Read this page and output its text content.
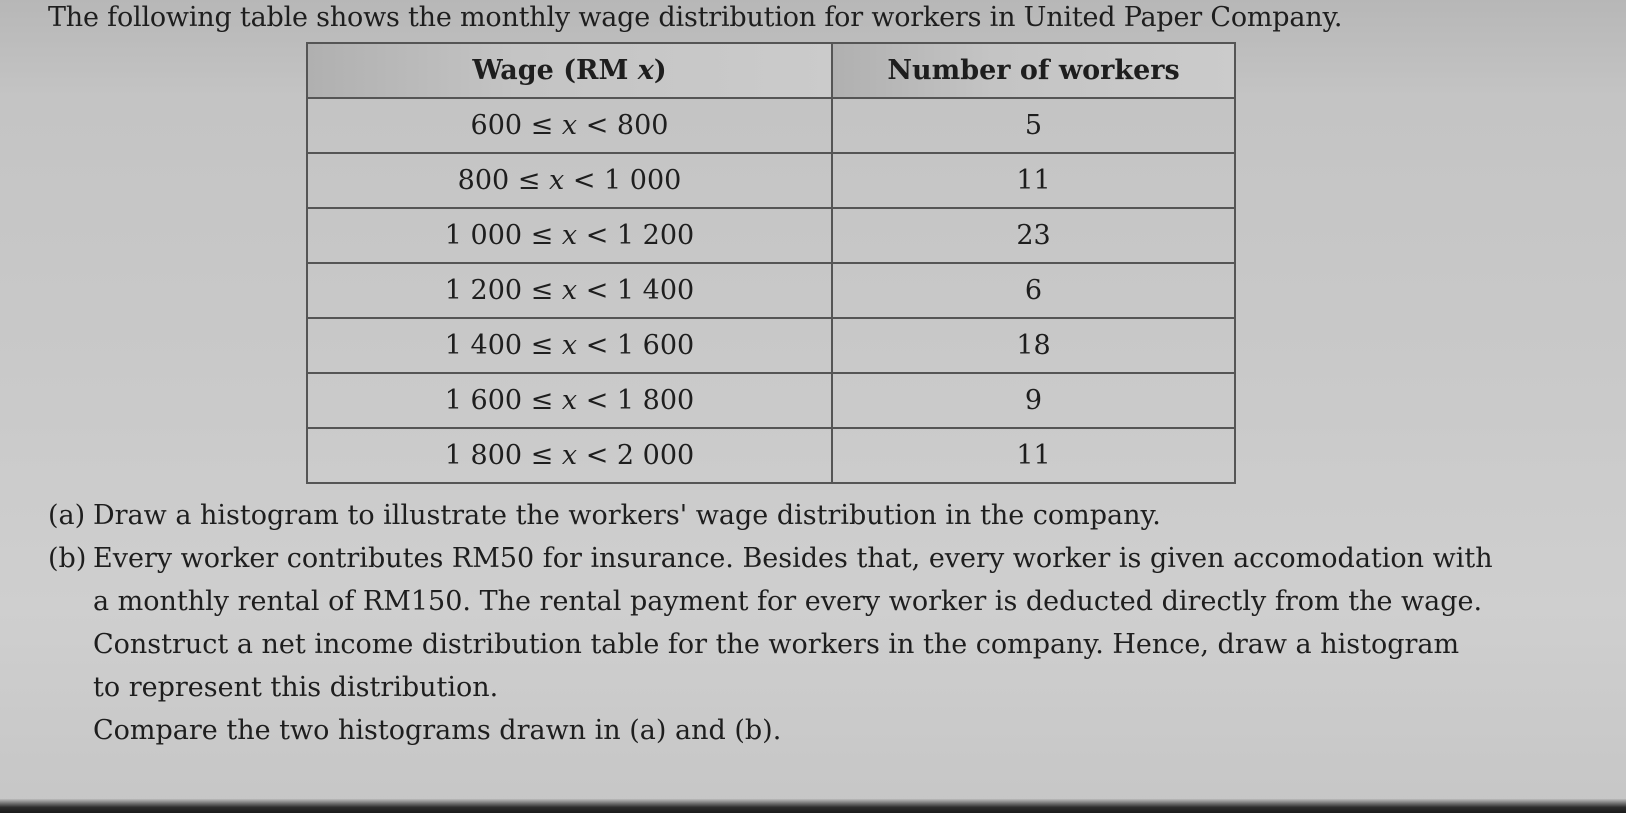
The following table shows the monthly wage distribution for workers in United Paper Company.
Wage (RM x)	Number of workers
600 ≤ x < 800	5
800 ≤ x < 1 000	11
1 000 ≤ x < 1 200	23
1 200 ≤ x < 1 400	6
1 400 ≤ x < 1 600	18
1 600 ≤ x < 1 800	9
1 800 ≤ x < 2 000	11
(a) Draw a histogram to illustrate the workers' wage distribution in the company.
(b) Every worker contributes RM50 for insurance. Besides that, every worker is given accomodation with
a monthly rental of RM150. The rental payment for every worker is deducted directly from the wage.
Construct a net income distribution table for the workers in the company. Hence, draw a histogram
to represent this distribution.
Compare the two histograms drawn in (a) and (b).
